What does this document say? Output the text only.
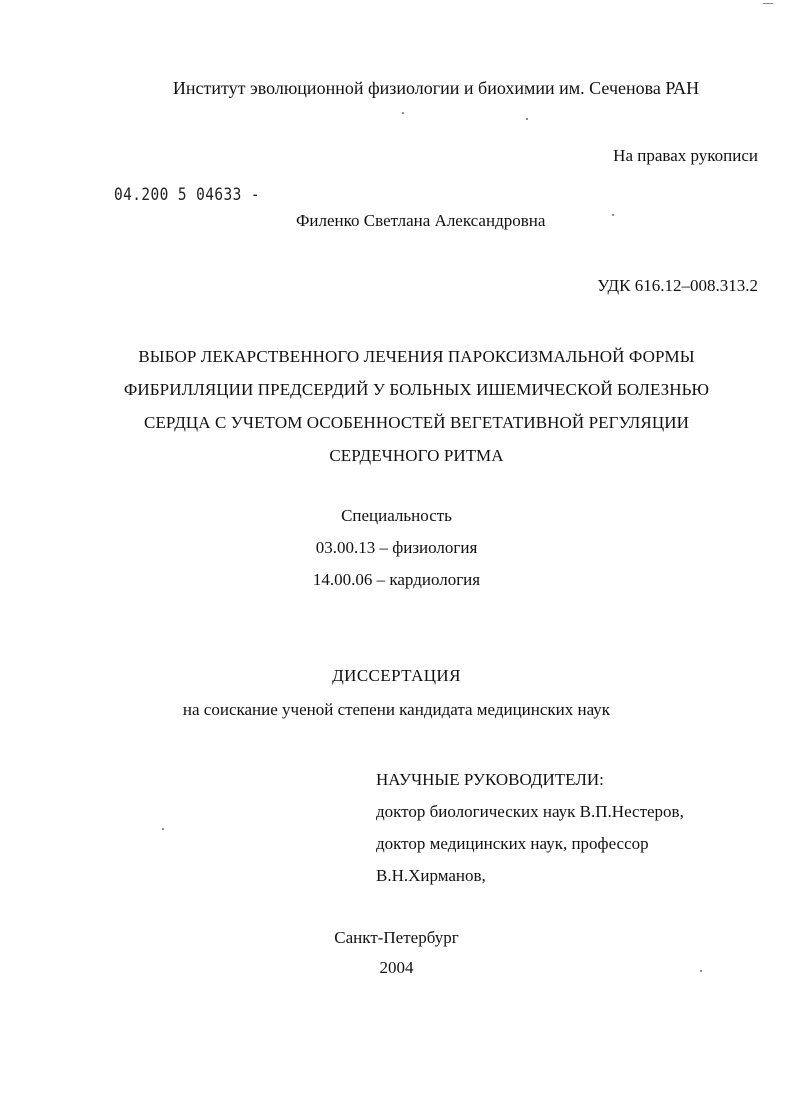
Институт эволюционной физиологии и биохимии им. Сеченова РАН
На правах рукописи
04.200 5 04633 -
Филенко Светлана Александровна
УДК 616.12–008.313.2
ВЫБОР ЛЕКАРСТВЕННОГО ЛЕЧЕНИЯ ПАРОКСИЗМАЛЬНОЙ ФОРМЫ
ФИБРИЛЛЯЦИИ ПРЕДСЕРДИЙ У БОЛЬНЫХ ИШЕМИЧЕСКОЙ БОЛЕЗНЬЮ
СЕРДЦА С УЧЕТОМ ОСОБЕННОСТЕЙ ВЕГЕТАТИВНОЙ РЕГУЛЯЦИИ
СЕРДЕЧНОГО РИТМА
Специальность
03.00.13 – физиология
14.00.06 – кардиология
ДИССЕРТАЦИЯ
на соискание ученой степени кандидата медицинских наук
НАУЧНЫЕ РУКОВОДИТЕЛИ:
доктор биологических наук В.П.Нестеров,
доктор медицинских наук, профессор
В.Н.Хирманов,
Санкт-Петербург
2004
